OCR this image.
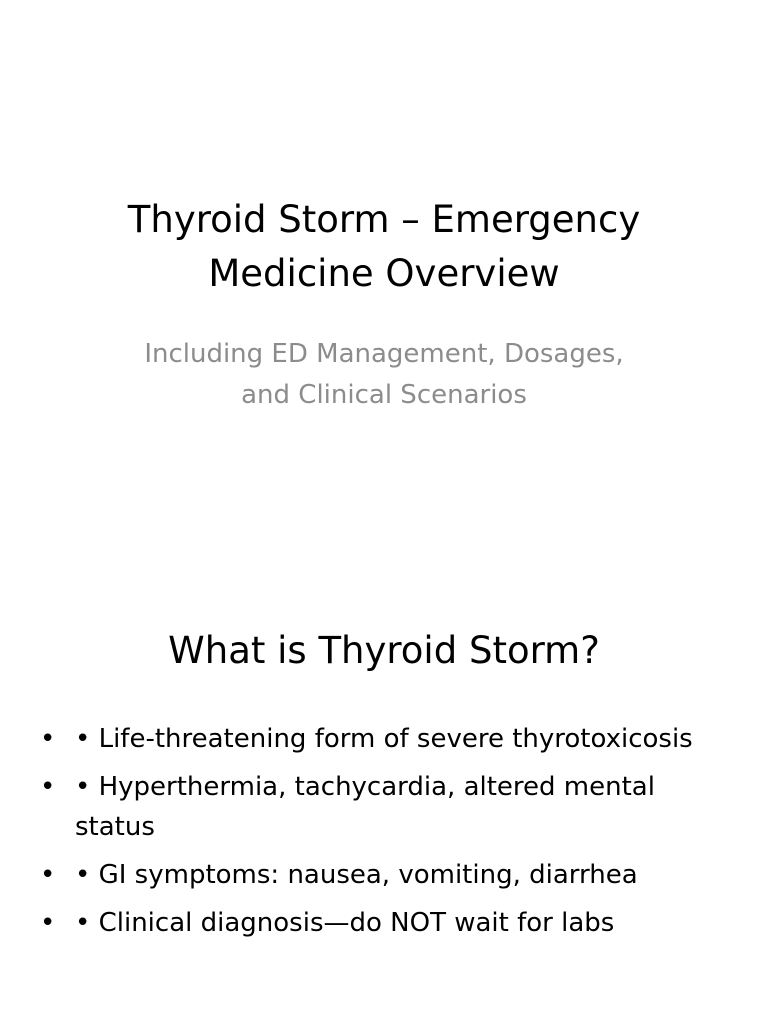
Thyroid Storm – Emergency
Medicine Overview
Including ED Management, Dosages,
and Clinical Scenarios
What is Thyroid Storm?
• • Life-threatening form of severe thyrotoxicosis
• • Hyperthermia, tachycardia, altered mental status
• • GI symptoms: nausea, vomiting, diarrhea
• • Clinical diagnosis—do NOT wait for labs
